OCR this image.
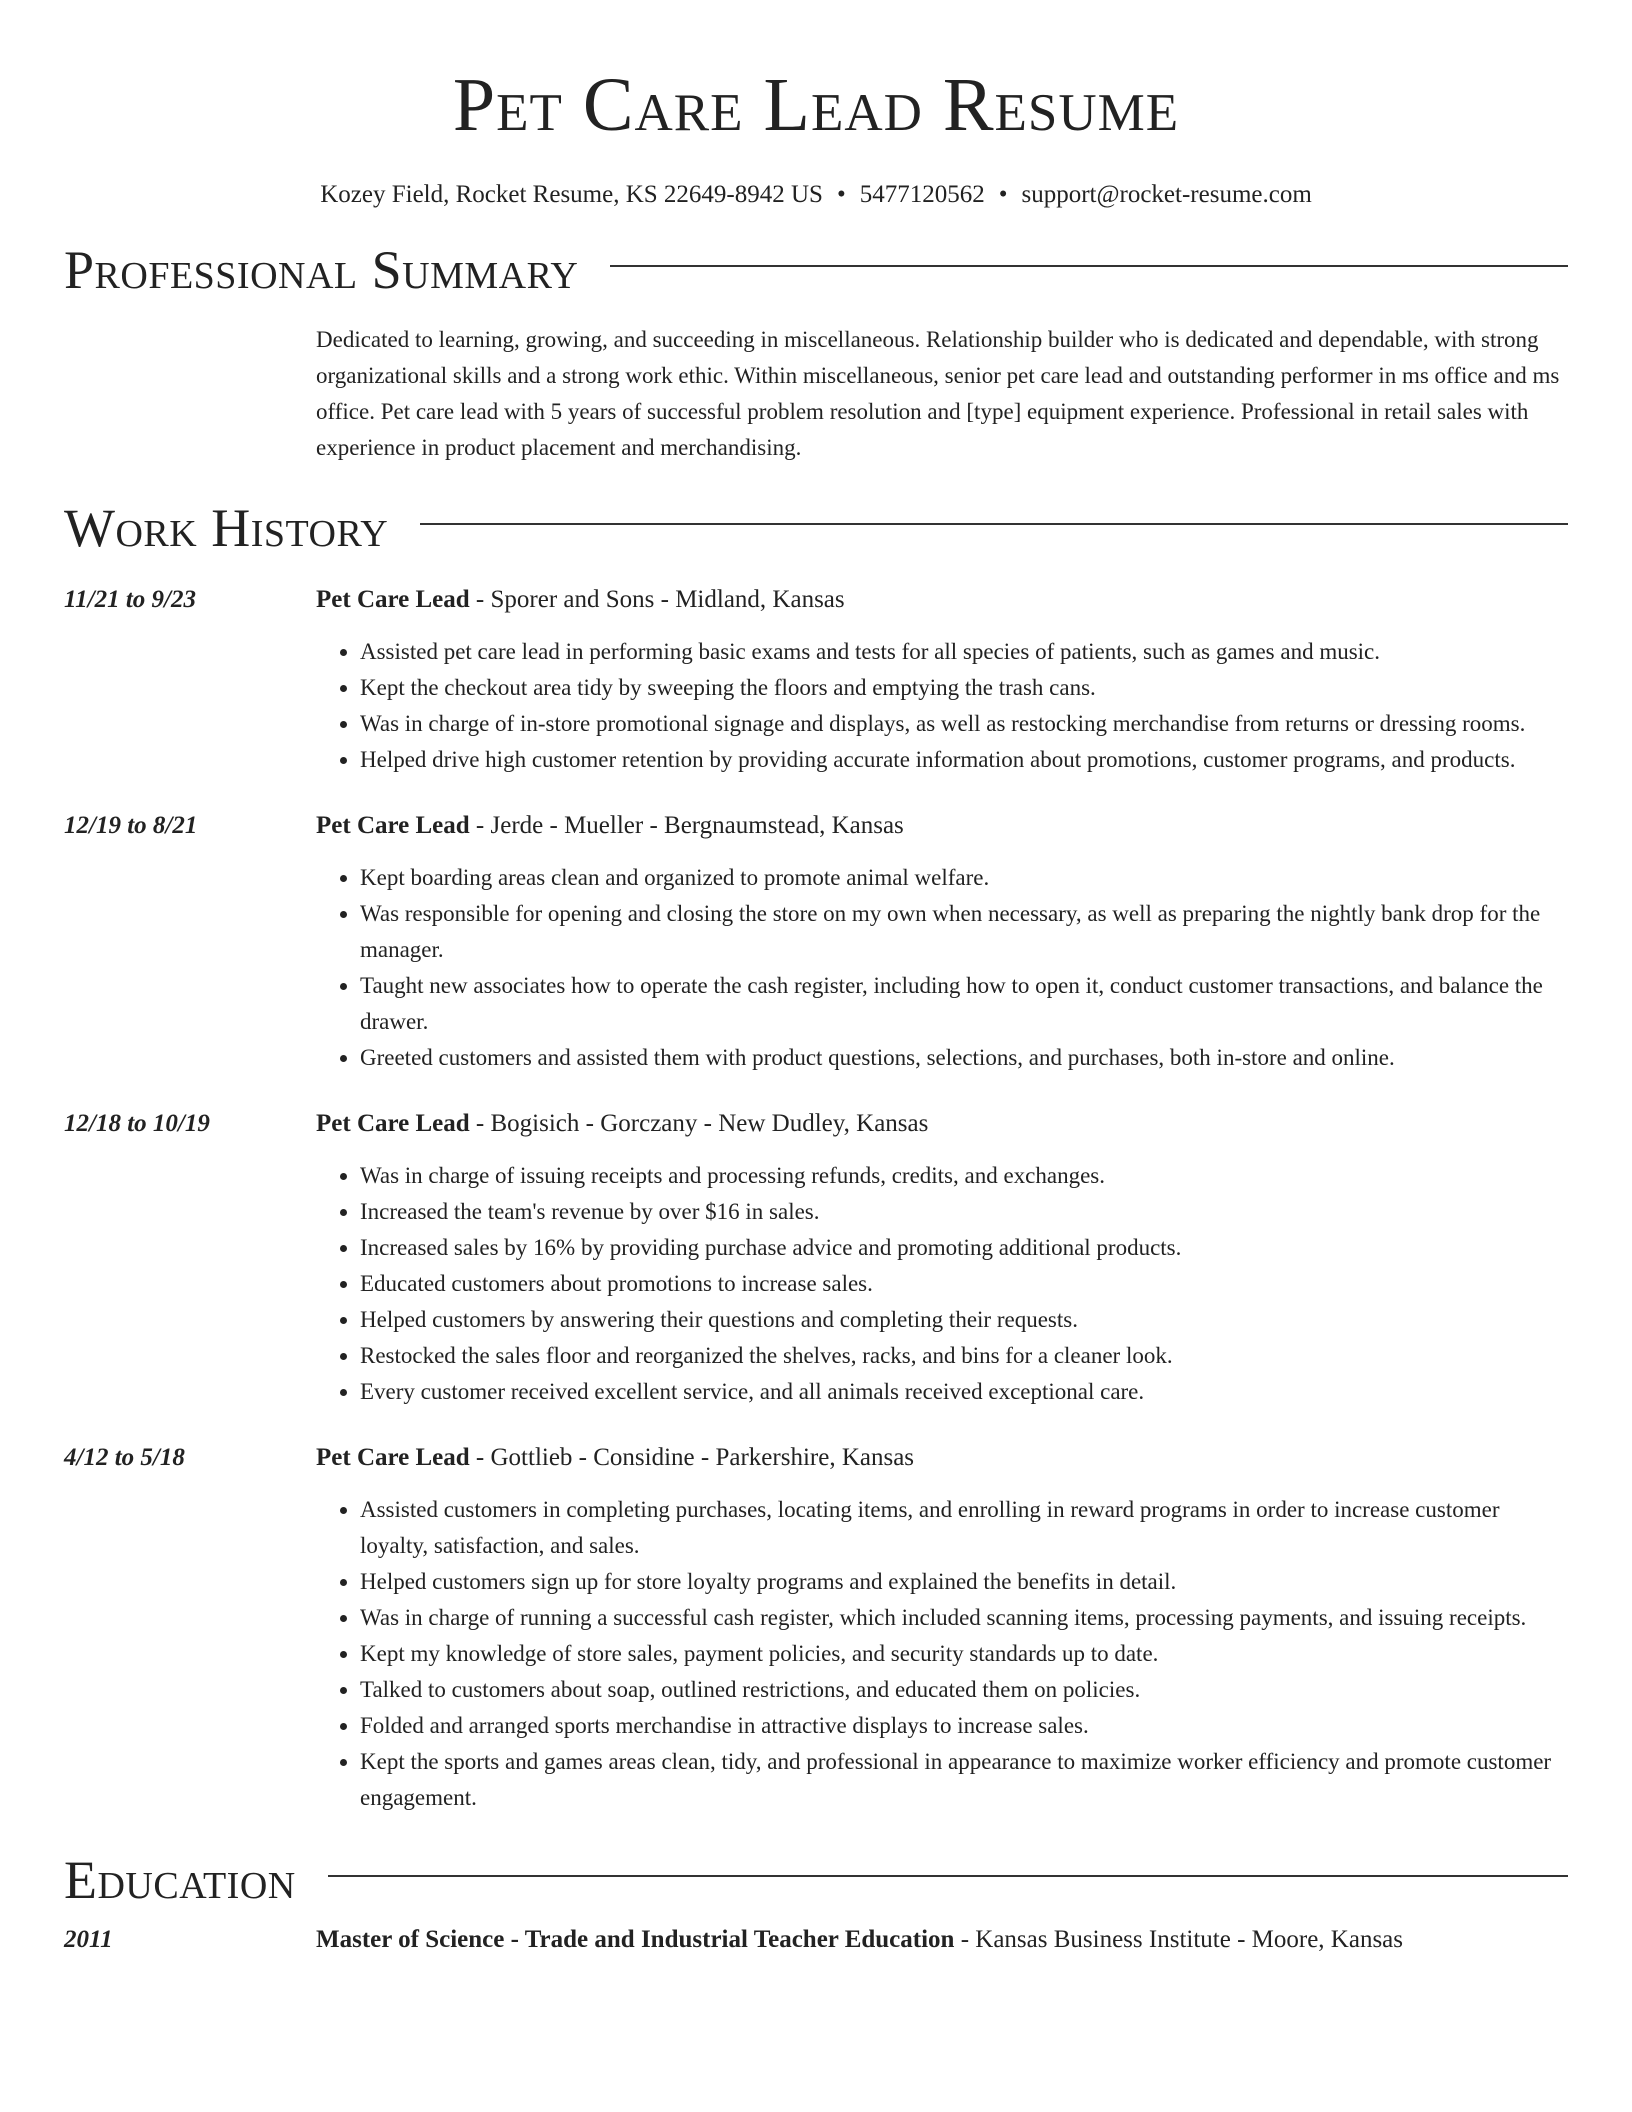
Pet Care Lead Resume
Kozey Field, Rocket Resume, KS 22649-8942 US • 5477120562 • support@rocket-resume.com
Professional Summary
Dedicated to learning, growing, and succeeding in miscellaneous. Relationship builder who is dedicated and dependable, with strong organizational skills and a strong work ethic. Within miscellaneous, senior pet care lead and outstanding performer in ms office and ms office. Pet care lead with 5 years of successful problem resolution and [type] equipment experience. Professional in retail sales with experience in product placement and merchandising.
Work History
11/21 to 9/23	Pet Care Lead - Sporer and Sons - Midland, Kansas
• Assisted pet care lead in performing basic exams and tests for all species of patients, such as games and music.
• Kept the checkout area tidy by sweeping the floors and emptying the trash cans.
• Was in charge of in-store promotional signage and displays, as well as restocking merchandise from returns or dressing rooms.
• Helped drive high customer retention by providing accurate information about promotions, customer programs, and products.
12/19 to 8/21	Pet Care Lead - Jerde - Mueller - Bergnaumstead, Kansas
• Kept boarding areas clean and organized to promote animal welfare.
• Was responsible for opening and closing the store on my own when necessary, as well as preparing the nightly bank drop for the manager.
• Taught new associates how to operate the cash register, including how to open it, conduct customer transactions, and balance the drawer.
• Greeted customers and assisted them with product questions, selections, and purchases, both in-store and online.
12/18 to 10/19	Pet Care Lead - Bogisich - Gorczany - New Dudley, Kansas
• Was in charge of issuing receipts and processing refunds, credits, and exchanges.
• Increased the team's revenue by over $16 in sales.
• Increased sales by 16% by providing purchase advice and promoting additional products.
• Educated customers about promotions to increase sales.
• Helped customers by answering their questions and completing their requests.
• Restocked the sales floor and reorganized the shelves, racks, and bins for a cleaner look.
• Every customer received excellent service, and all animals received exceptional care.
4/12 to 5/18	Pet Care Lead - Gottlieb - Considine - Parkershire, Kansas
• Assisted customers in completing purchases, locating items, and enrolling in reward programs in order to increase customer loyalty, satisfaction, and sales.
• Helped customers sign up for store loyalty programs and explained the benefits in detail.
• Was in charge of running a successful cash register, which included scanning items, processing payments, and issuing receipts.
• Kept my knowledge of store sales, payment policies, and security standards up to date.
• Talked to customers about soap, outlined restrictions, and educated them on policies.
• Folded and arranged sports merchandise in attractive displays to increase sales.
• Kept the sports and games areas clean, tidy, and professional in appearance to maximize worker efficiency and promote customer engagement.
Education
2011	Master of Science - Trade and Industrial Teacher Education - Kansas Business Institute - Moore, Kansas
